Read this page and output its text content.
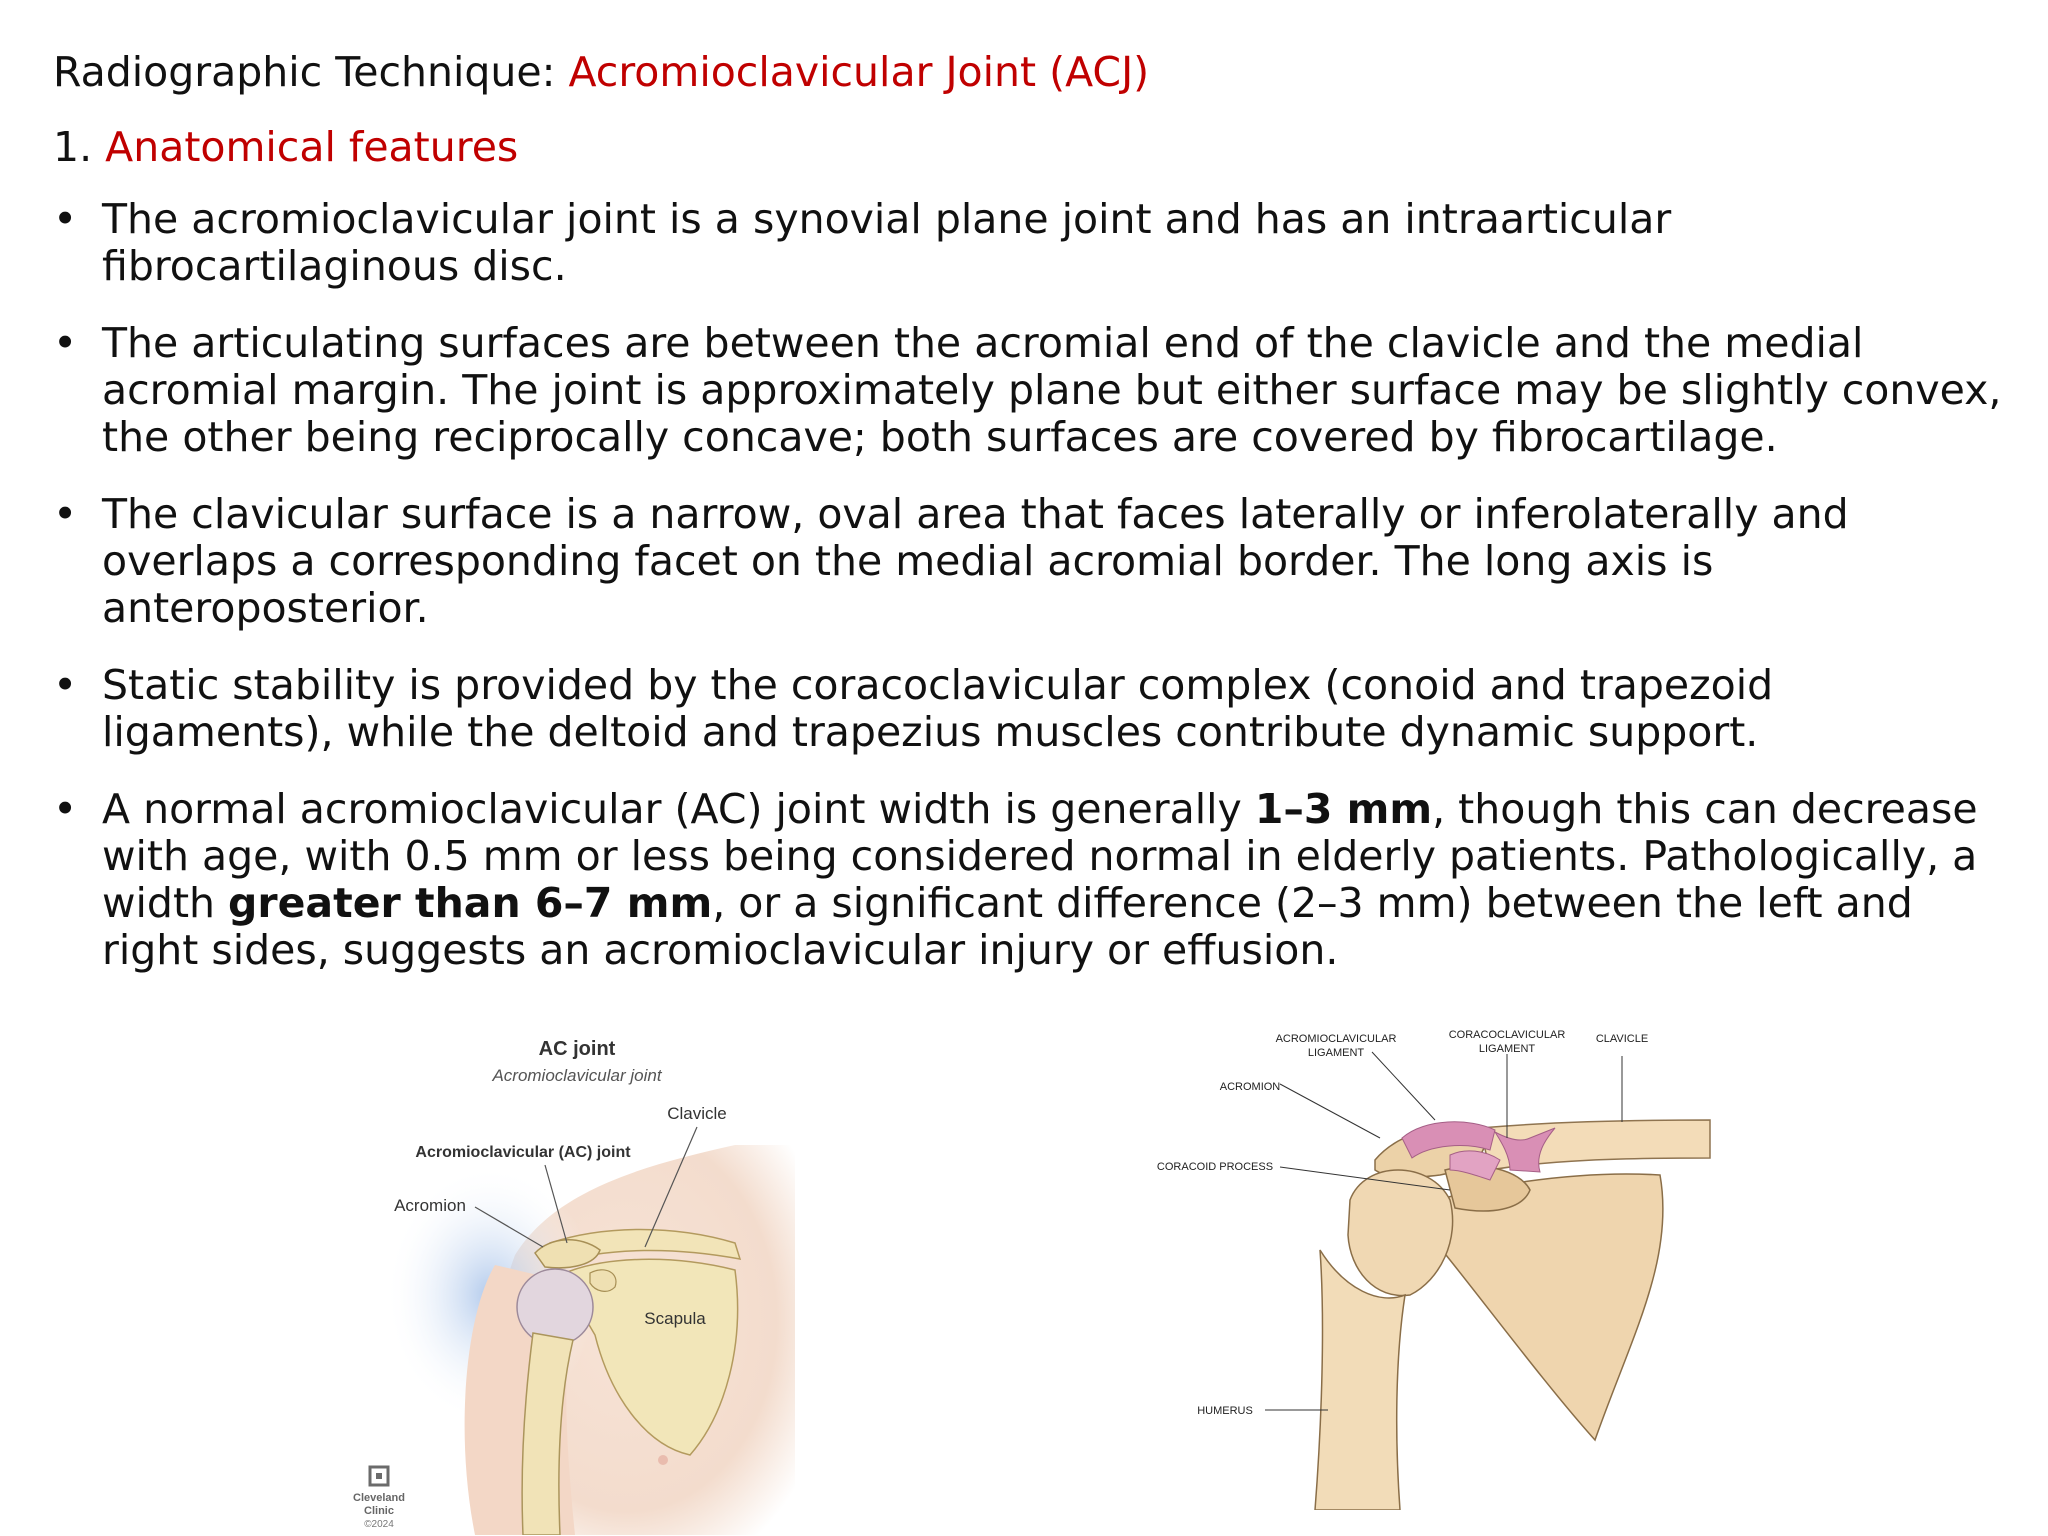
Radiographic Technique: Acromioclavicular Joint (ACJ)
1. Anatomical features
• The acromioclavicular joint is a synovial plane joint and has an intraarticular fibrocartilaginous disc.
• The articulating surfaces are between the acromial end of the clavicle and the medial acromial margin. The joint is approximately plane but either surface may be slightly convex, the other being reciprocally concave; both surfaces are covered by fibrocartilage.
• The clavicular surface is a narrow, oval area that faces laterally or inferolaterally and overlaps a corresponding facet on the medial acromial border. The long axis is anteroposterior.
• Static stability is provided by the coracoclavicular complex (conoid and trapezoid ligaments), while the deltoid and trapezius muscles contribute dynamic support.
• A normal acromioclavicular (AC) joint width is generally 1–3 mm, though this can decrease with age, with 0.5 mm or less being considered normal in elderly patients. Pathologically, a width greater than 6–7 mm, or a significant difference (2–3 mm) between the left and right sides, suggests an acromioclavicular injury or effusion.
AC joint
Acromioclavicular joint
Clavicle
Acromioclavicular (AC) joint
Acromion
Scapula
Cleveland
Clinic
©2024
ACROMIOCLAVICULAR
LIGAMENT
CORACOCLAVICULAR
LIGAMENT
CLAVICLE
ACROMION
CORACOID PROCESS
HUMERUS
